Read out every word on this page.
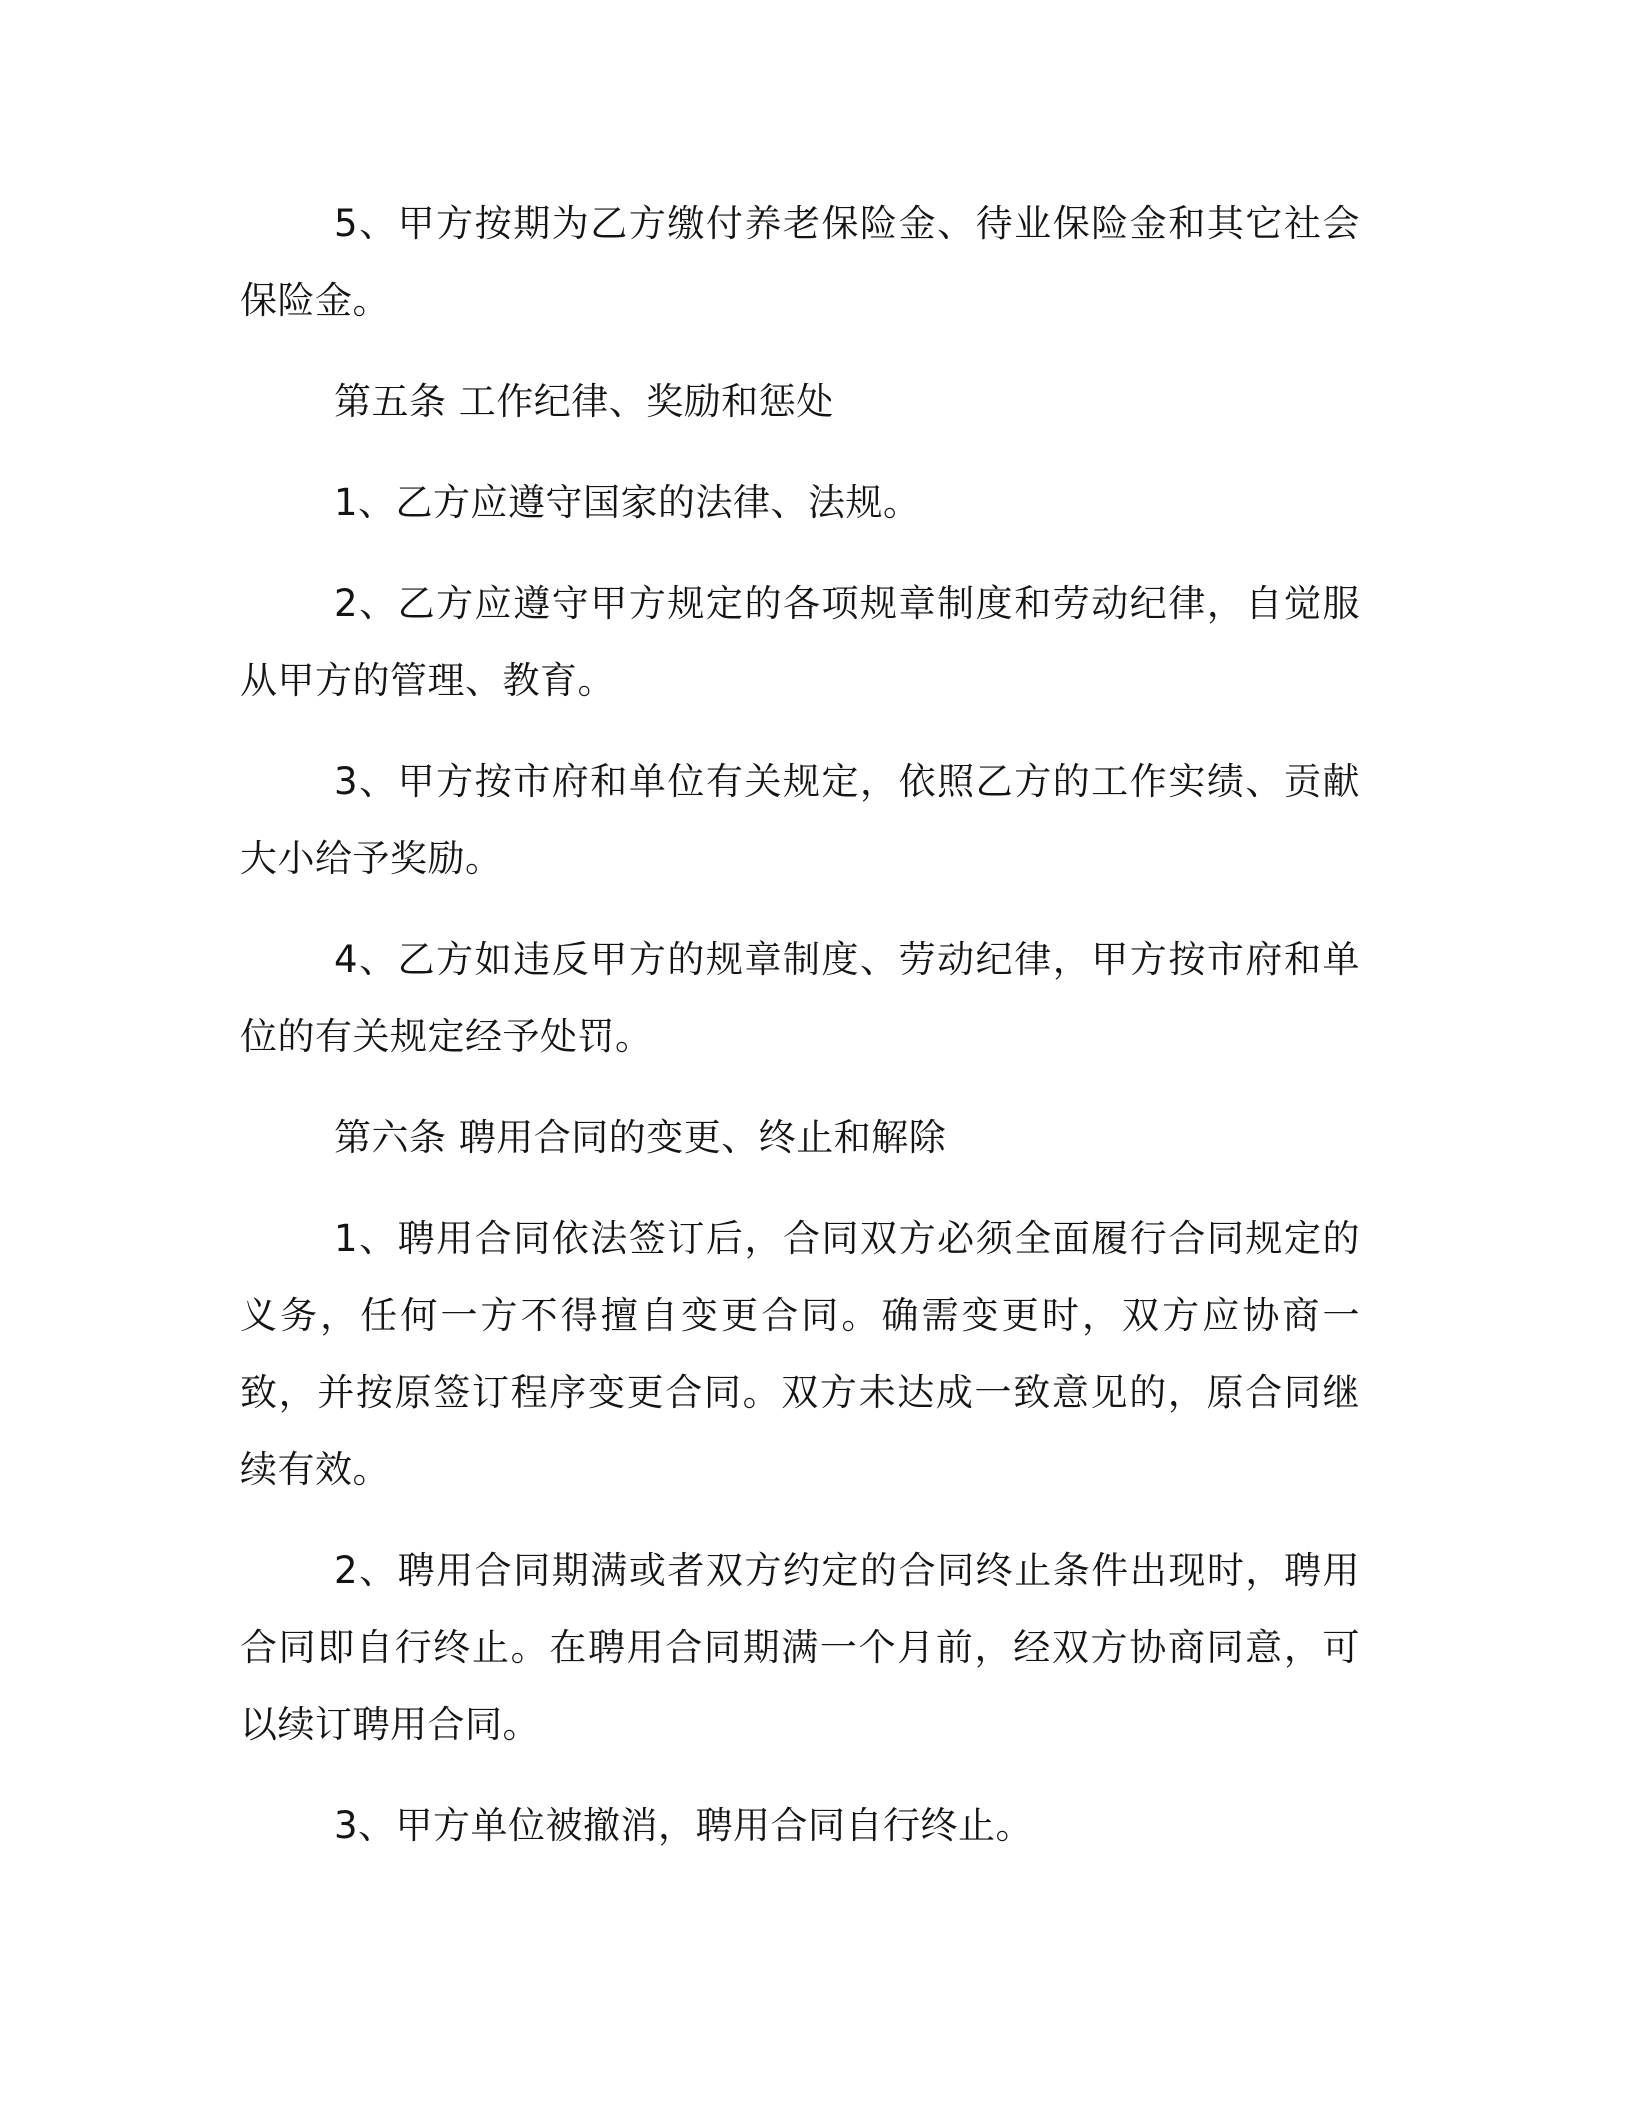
5、甲方按期为乙方缴付养老保险金、待业保险金和其它社会保险金。

第五条 工作纪律、奖励和惩处

1、乙方应遵守国家的法律、法规。

2、乙方应遵守甲方规定的各项规章制度和劳动纪律，自觉服从甲方的管理、教育。

3、甲方按市府和单位有关规定，依照乙方的工作实绩、贡献大小给予奖励。

4、乙方如违反甲方的规章制度、劳动纪律，甲方按市府和单位的有关规定经予处罚。

第六条 聘用合同的变更、终止和解除

1、聘用合同依法签订后，合同双方必须全面履行合同规定的义务，任何一方不得擅自变更合同。确需变更时，双方应协商一致，并按原签订程序变更合同。双方未达成一致意见的，原合同继续有效。

2、聘用合同期满或者双方约定的合同终止条件出现时，聘用合同即自行终止。在聘用合同期满一个月前，经双方协商同意，可以续订聘用合同。

3、甲方单位被撤消，聘用合同自行终止。
